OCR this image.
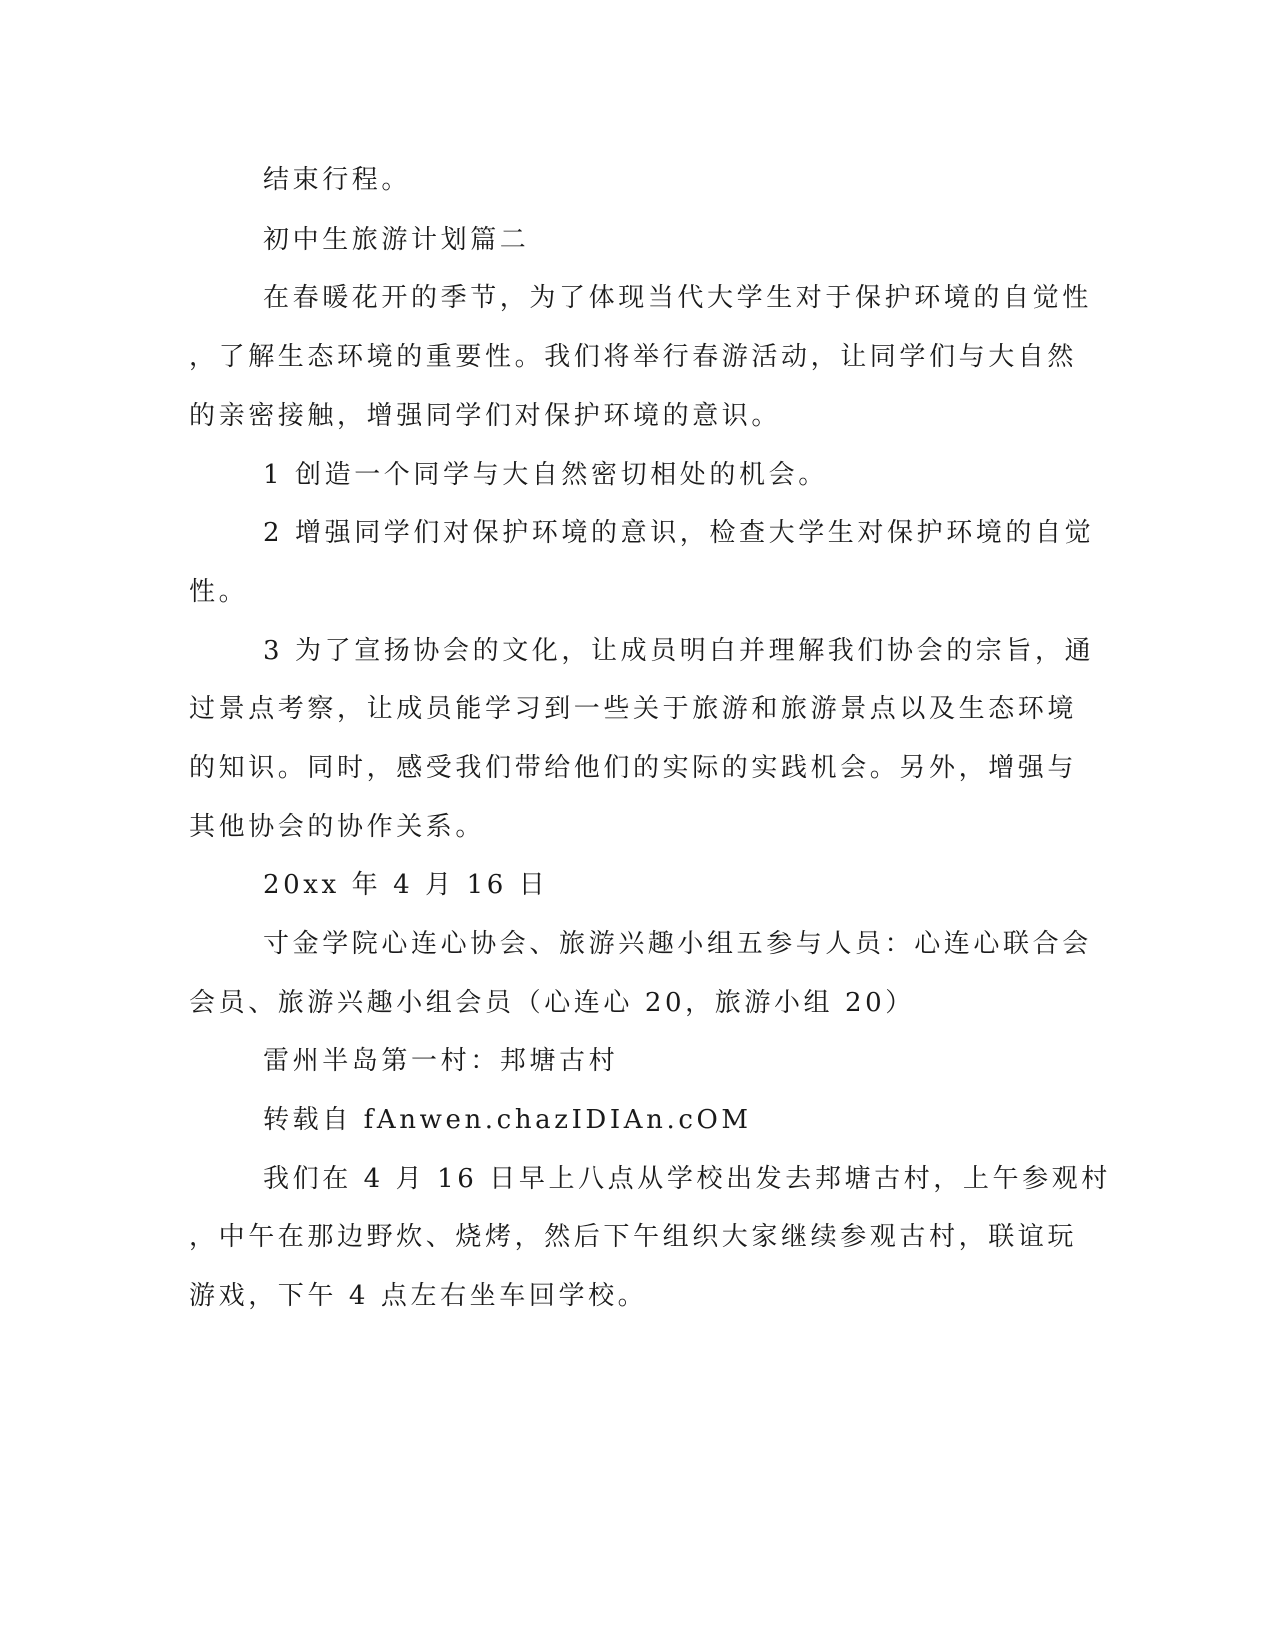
结束行程。
初中生旅游计划篇二
在春暖花开的季节，为了体现当代大学生对于保护环境的自觉性
，了解生态环境的重要性。我们将举行春游活动，让同学们与大自然
的亲密接触，增强同学们对保护环境的意识。
1 创造一个同学与大自然密切相处的机会。
2 增强同学们对保护环境的意识，检查大学生对保护环境的自觉
性。
3 为了宣扬协会的文化，让成员明白并理解我们协会的宗旨，通
过景点考察，让成员能学习到一些关于旅游和旅游景点以及生态环境
的知识。同时，感受我们带给他们的实际的实践机会。另外，增强与
其他协会的协作关系。
20xx 年 4 月 16 日
寸金学院心连心协会、旅游兴趣小组五参与人员：心连心联合会
会员、旅游兴趣小组会员（心连心 20，旅游小组 20）
雷州半岛第一村：邦塘古村
转载自 fAnwen.chazIDIAn.cOM
我们在 4 月 16 日早上八点从学校出发去邦塘古村，上午参观村
，中午在那边野炊、烧烤，然后下午组织大家继续参观古村，联谊玩
游戏，下午 4 点左右坐车回学校。
